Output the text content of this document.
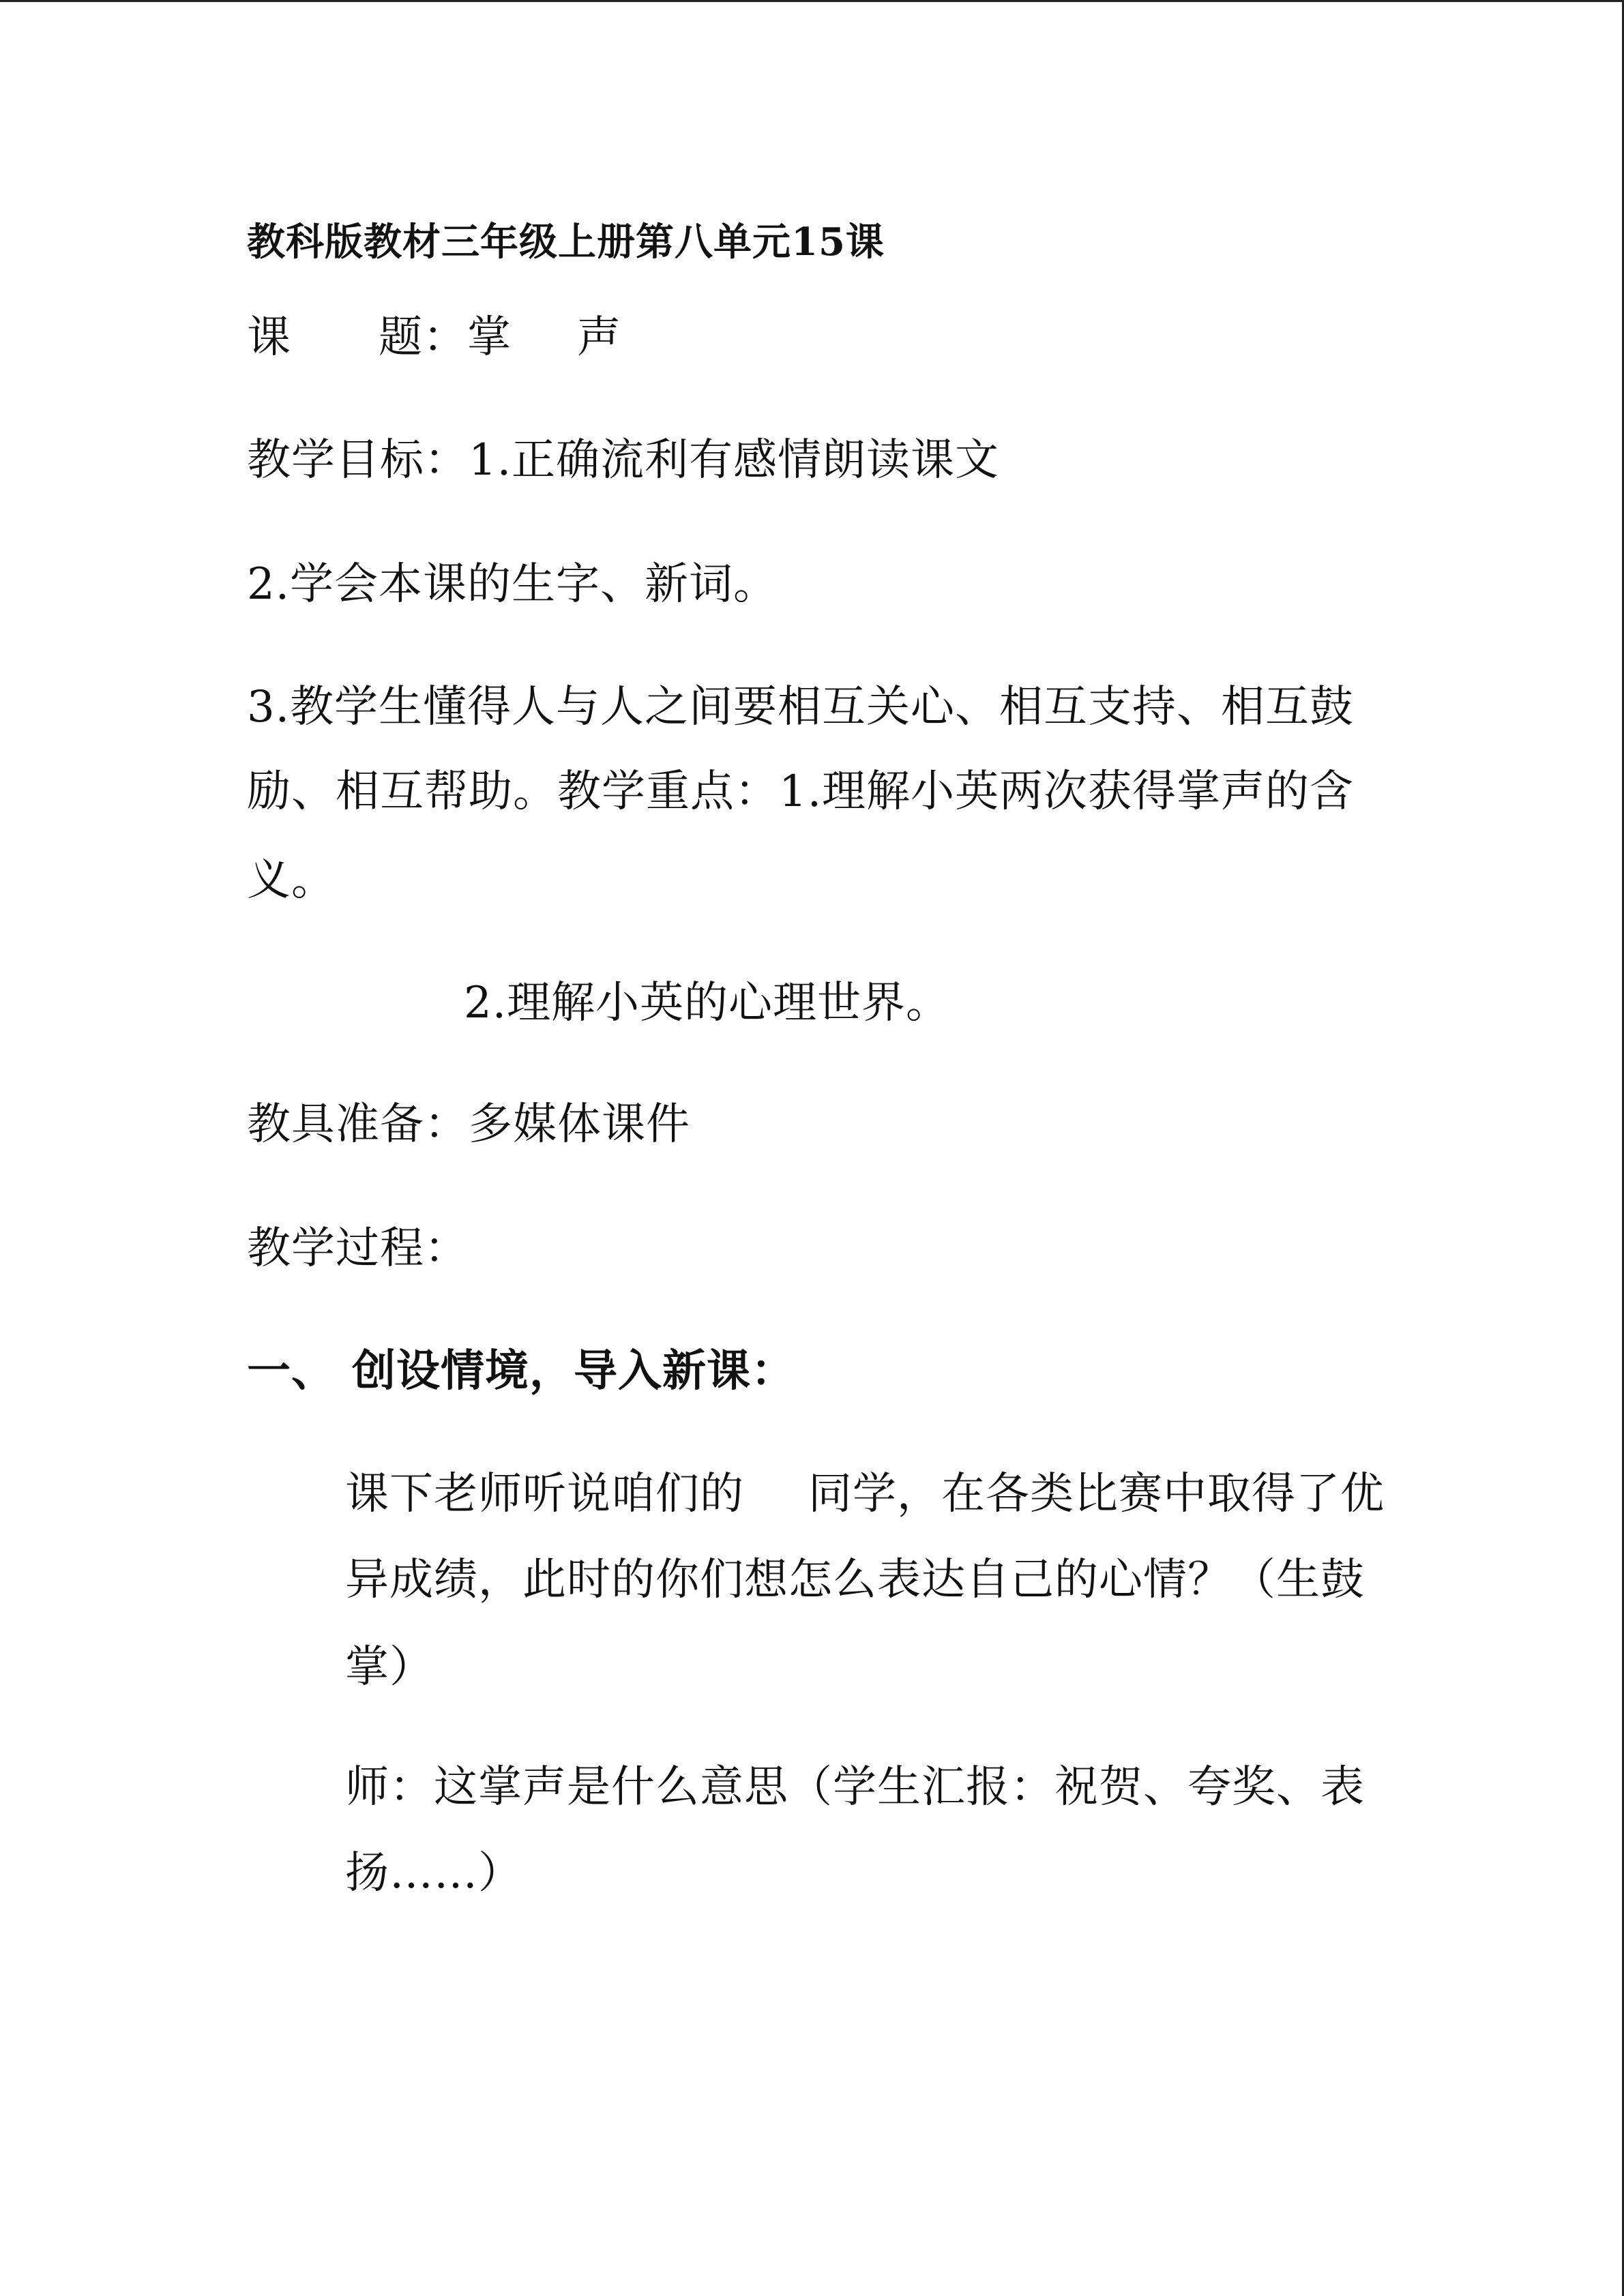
教科版教材三年级上册第八单元15课
课 题：掌 声
教学目标：1.正确流利有感情朗读课文
2.学会本课的生字、新词。
3.教学生懂得人与人之间要相互关心、相互支持、相互鼓
励、相互帮助。教学重点：1.理解小英两次获得掌声的含
义。
2.理解小英的心理世界。
教具准备：多媒体课件
教学过程：
一、 创设情境，导入新课：
课下老师听说咱们的 同学，在各类比赛中取得了优
异成绩，此时的你们想怎么表达自己的心情？（生鼓
掌）
师：这掌声是什么意思（学生汇报：祝贺、夸奖、表
扬……）
